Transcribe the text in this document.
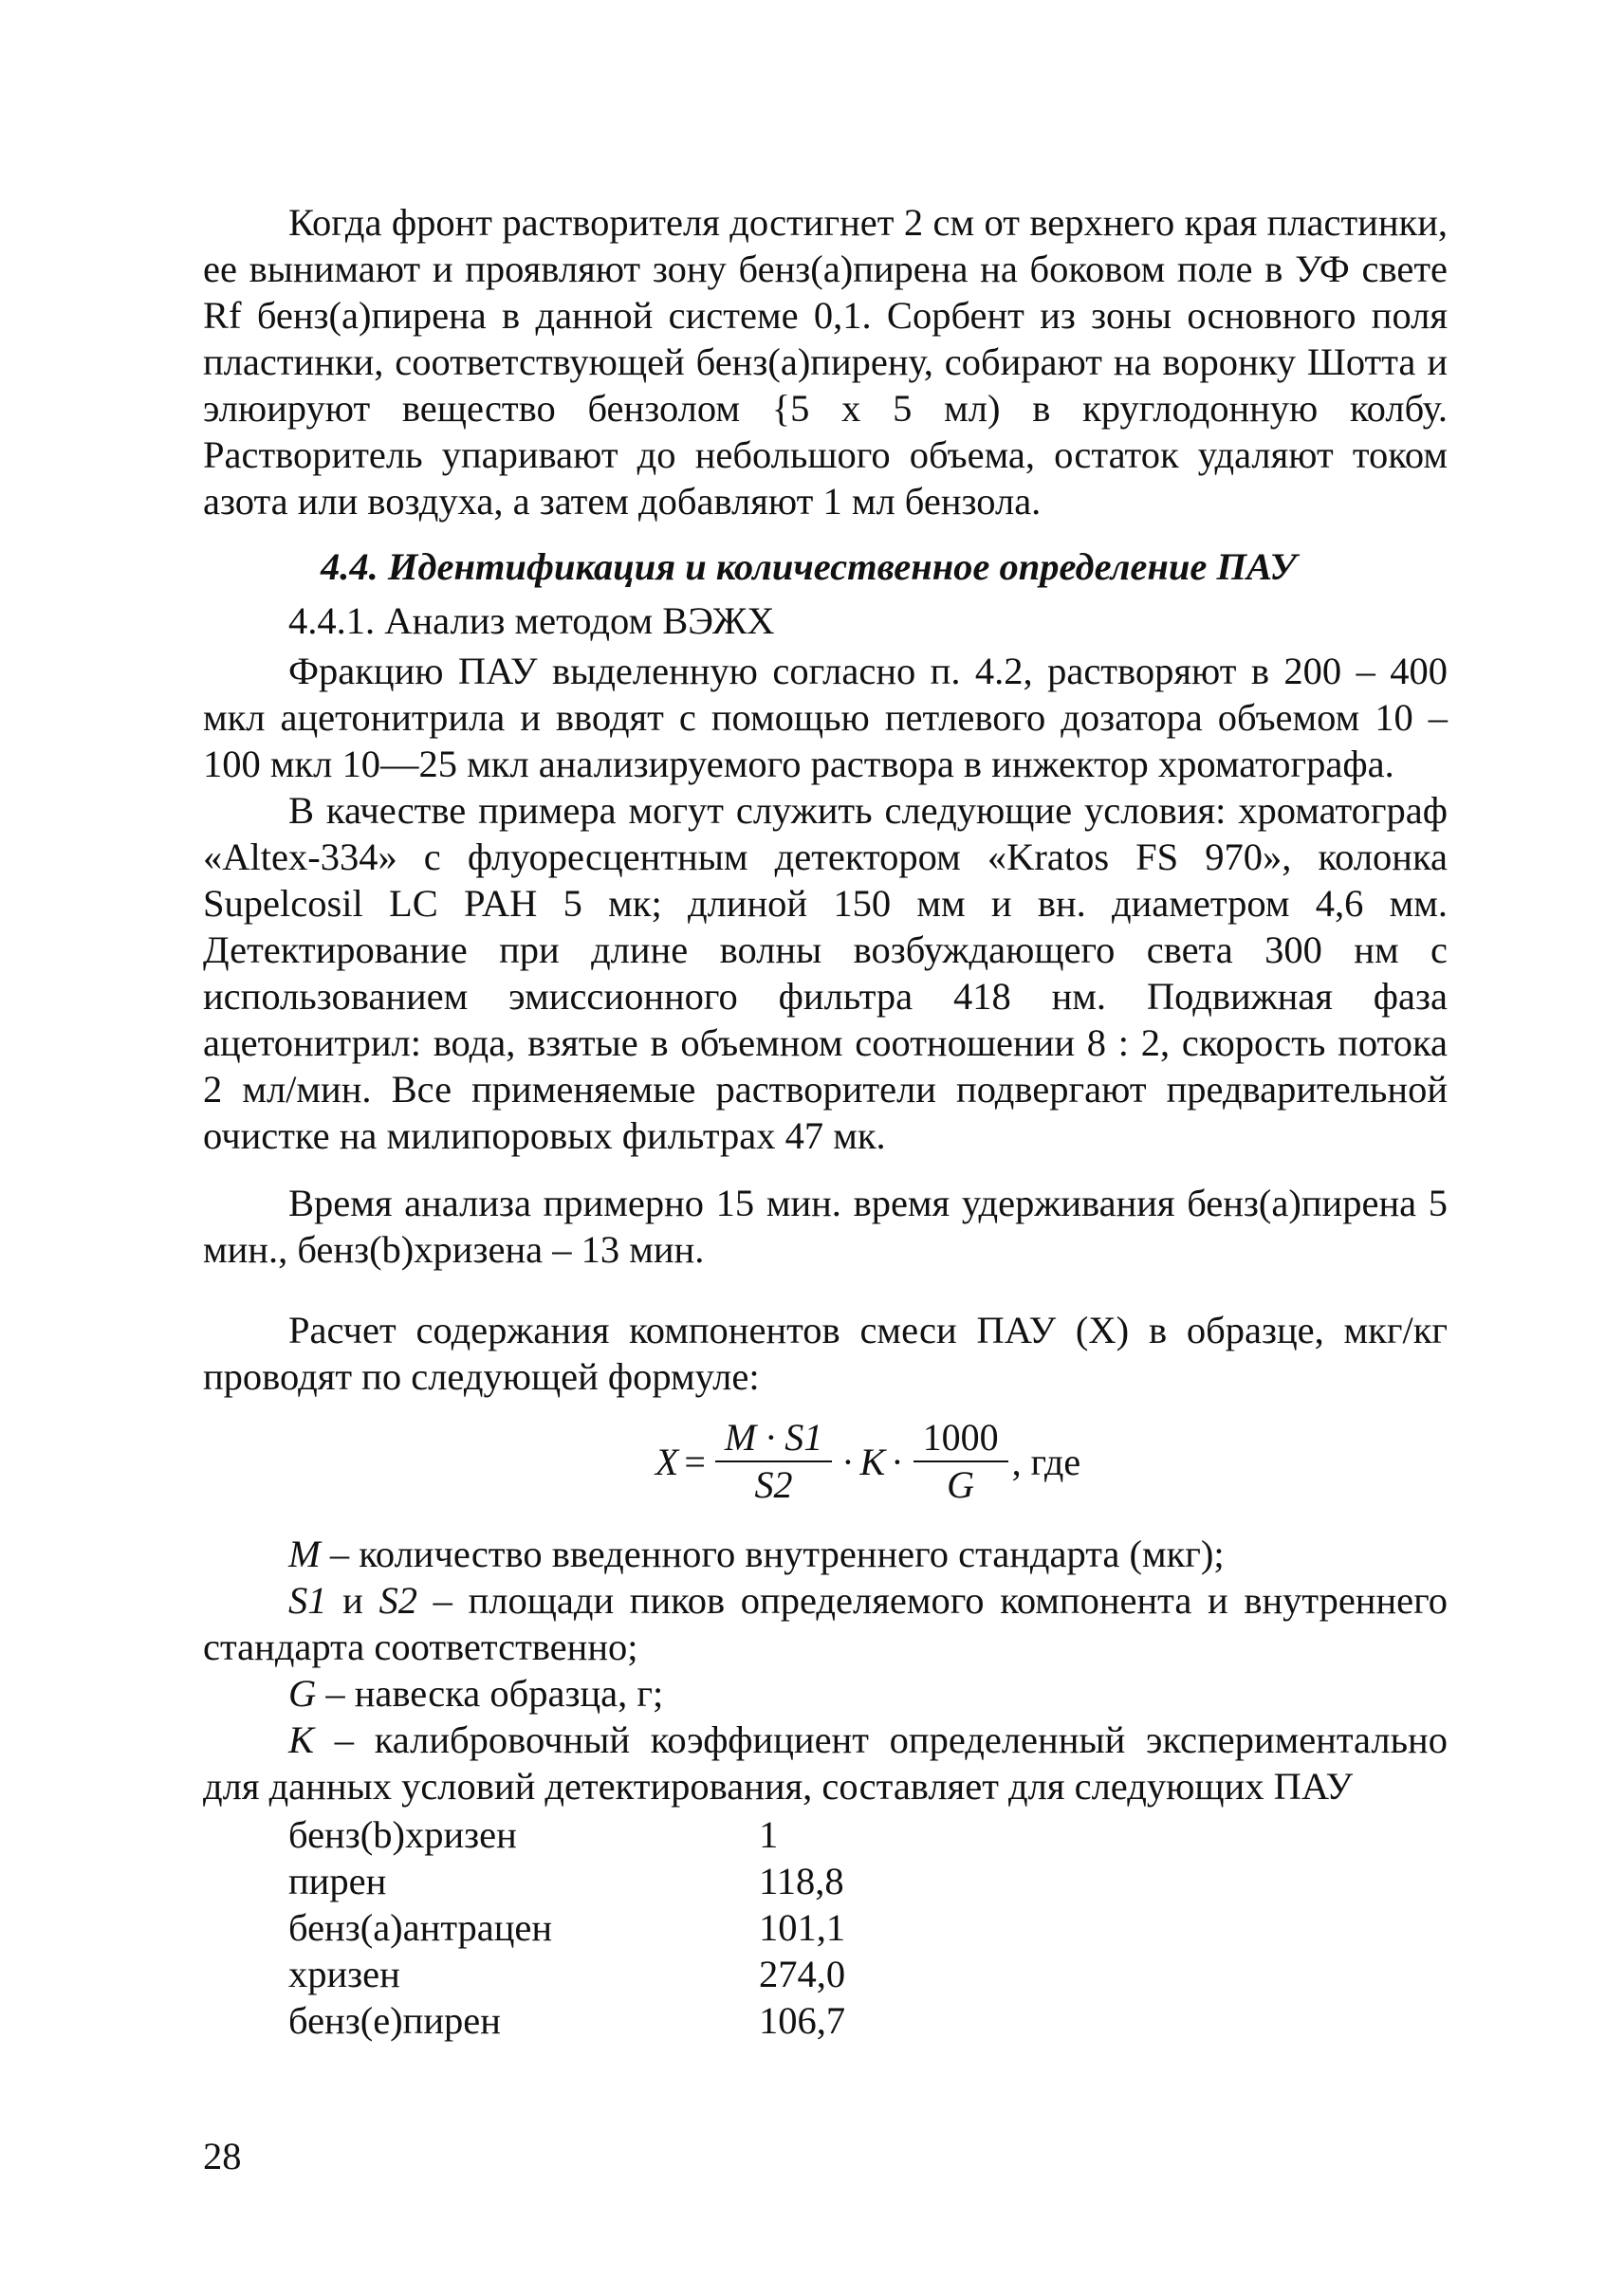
Когда фронт растворителя достигнет 2 см от верхнего края пластинки, ее вынимают и проявляют зону бенз(а)пирена на боковом поле в УФ свете Rf бенз(а)пирена в данной системе 0,1. Сорбент из зоны основного поля пластинки, соответствующей бенз(а)пирену, собирают на воронку Шотта и элюируют вещество бензолом {5 х 5 мл) в круглодонную колбу. Растворитель упаривают до небольшого объема, остаток удаляют током азота или воздуха, а затем добавляют 1 мл бензола.

4.4. Идентификация и количественное определение ПАУ

4.4.1. Анализ методом ВЭЖХ

Фракцию ПАУ выделенную согласно п. 4.2, растворяют в 200 – 400 мкл ацетонитрила и вводят с помощью петлевого дозатора объемом 10 – 100 мкл 10—25 мкл анализируемого раствора в инжектор хроматографа.

В качестве примера могут служить следующие условия: хроматограф «Altex-334» с флуоресцентным детектором «Kratos FS 970», колонка Supelcosil LC PAH 5 мк; длиной 150 мм и вн. диаметром 4,6 мм. Детектирование при длине волны возбуждающего света 300 нм с использованием эмиссионного фильтра 418 нм. Подвижная фаза ацетонитрил: вода, взятые в объемном соотношении 8 : 2, скорость потока 2 мл/мин. Все применяемые растворители подвергают предварительной очистке на милипоровых фильтрах 47 мк.

Время анализа примерно 15 мин. время удерживания бенз(а)пирена 5 мин., бенз(b)хризена – 13 мин.

Расчет содержания компонентов смеси ПАУ (X) в образце, мкг/кг проводят по следующей формуле:

$X = \frac{M \cdot S1}{S2} \cdot K \cdot \frac{1000}{G}$ , где

M – количество введенного внутреннего стандарта (мкг);

S1 и S2 – площади пиков определяемого компонента и внутреннего стандарта соответственно;

G – навеска образца, г;

K – калибровочный коэффициент определенный экспериментально для данных условий детектирования, составляет для следующих ПАУ

бенз(b)хризен	1
пирен	118,8
бенз(а)антрацен	101,1
хризен	274,0
бенз(е)пирен	106,7
28
